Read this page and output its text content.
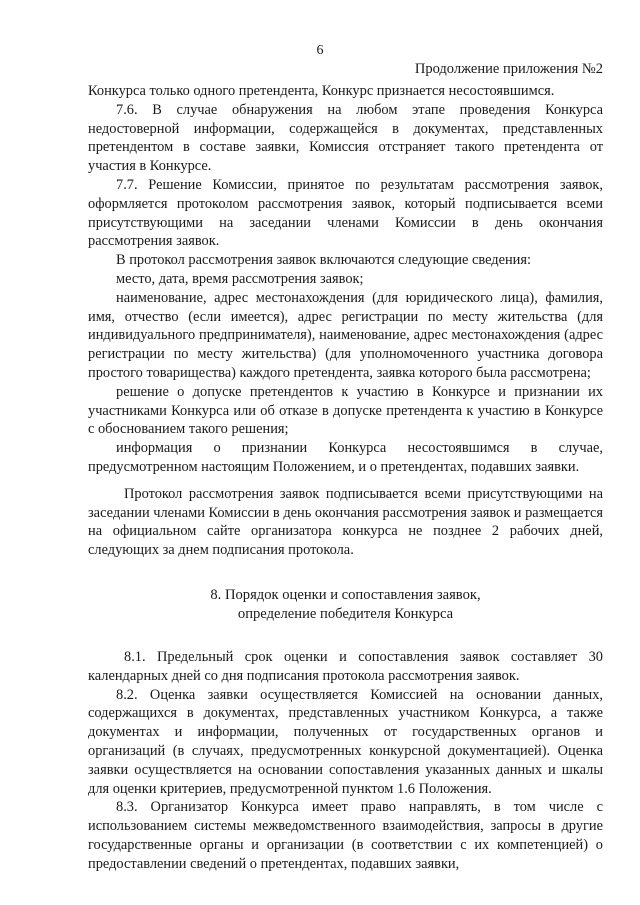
6
Продолжение приложения №2

Конкурса только одного претендента, Конкурс признается несостоявшимся.

7.6. В случае обнаружения на любом этапе проведения Конкурса недостоверной информации, содержащейся в документах, представленных претендентом в составе заявки, Комиссия отстраняет такого претендента от участия в Конкурсе.

7.7. Решение Комиссии, принятое по результатам рассмотрения заявок, оформляется протоколом рассмотрения заявок, который подписывается всеми присутствующими на заседании членами Комиссии в день окончания рассмотрения заявок.

В протокол рассмотрения заявок включаются следующие сведения:

место, дата, время рассмотрения заявок;

наименование, адрес местонахождения (для юридического лица), фамилия, имя, отчество (если имеется), адрес регистрации по месту жительства (для индивидуального предпринимателя), наименование, адрес местонахождения (адрес регистрации по месту жительства) (для уполномоченного участника договора простого товарищества) каждого претендента, заявка которого была рассмотрена;

решение о допуске претендентов к участию в Конкурсе и признании их участниками Конкурса или об отказе в допуске претендента к участию в Конкурсе с обоснованием такого решения;

информация о признании Конкурса несостоявшимся в случае, предусмотренном настоящим Положением, и о претендентах, подавших заявки.

Протокол рассмотрения заявок подписывается всеми присутствующими на заседании членами Комиссии в день окончания рассмотрения заявок и размещается на официальном сайте организатора конкурса не позднее 2 рабочих дней, следующих за днем подписания протокола.

8. Порядок оценки и сопоставления заявок,
определение победителя Конкурса

8.1. Предельный срок оценки и сопоставления заявок составляет 30 календарных дней со дня подписания протокола рассмотрения заявок.

8.2. Оценка заявки осуществляется Комиссией на основании данных, содержащихся в документах, представленных участником Конкурса, а также документах и информации, полученных от государственных органов и организаций (в случаях, предусмотренных конкурсной документацией). Оценка заявки осуществляется на основании сопоставления указанных данных и шкалы для оценки критериев, предусмотренной пунктом 1.6 Положения.

8.3. Организатор Конкурса имеет право направлять, в том числе с использованием системы межведомственного взаимодействия, запросы в другие государственные органы и организации (в соответствии с их компетенцией) о предоставлении сведений о претендентах, подавших заявки,
